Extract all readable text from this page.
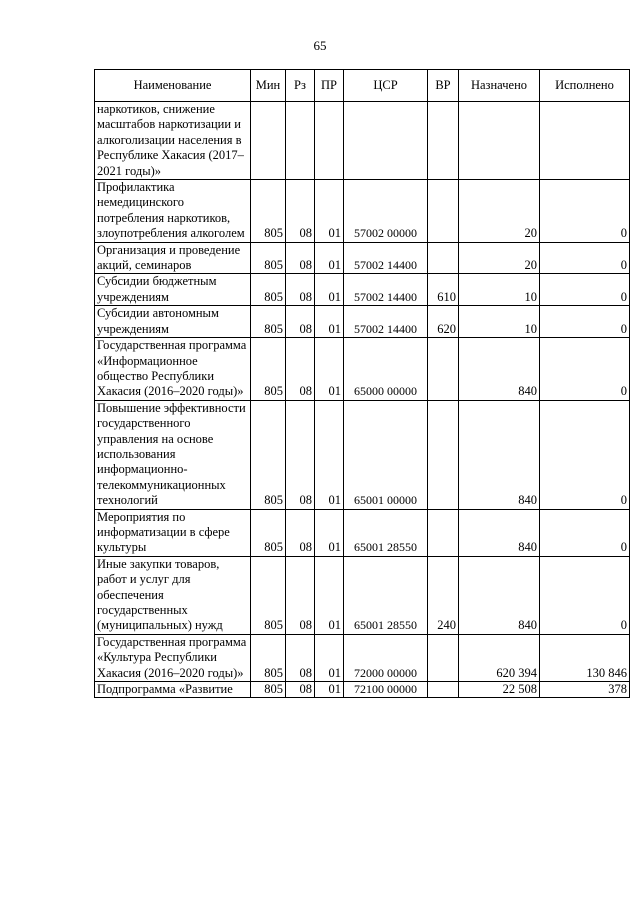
65
Наименование	Мин	Рз	ПР	ЦСР	ВР	Назначено	Исполнено
наркотиков, снижение масштабов наркотизации и алкоголизации населения в Республике Хакасия (2017–2021 годы)»							
Профилактика немедицинского потребления наркотиков, злоупотребления алкоголем	805	08	01	57002 00000		20	0
Организация и проведение акций, семинаров	805	08	01	57002 14400		20	0
Субсидии бюджетным учреждениям	805	08	01	57002 14400	610	10	0
Субсидии автономным учреждениям	805	08	01	57002 14400	620	10	0
Государственная программа «Информационное общество Республики Хакасия (2016–2020 годы)»	805	08	01	65000 00000		840	0
Повышение эффективности государственного управления на основе использования информационно-телекоммуникационных технологий	805	08	01	65001 00000		840	0
Мероприятия по информатизации в сфере культуры	805	08	01	65001 28550		840	0
Иные закупки товаров, работ и услуг для обеспечения государственных (муниципальных) нужд	805	08	01	65001 28550	240	840	0
Государственная программа «Культура Республики Хакасия (2016–2020 годы)»	805	08	01	72000 00000		620 394	130 846
Подпрограмма «Развитие	805	08	01	72100 00000		22 508	378
